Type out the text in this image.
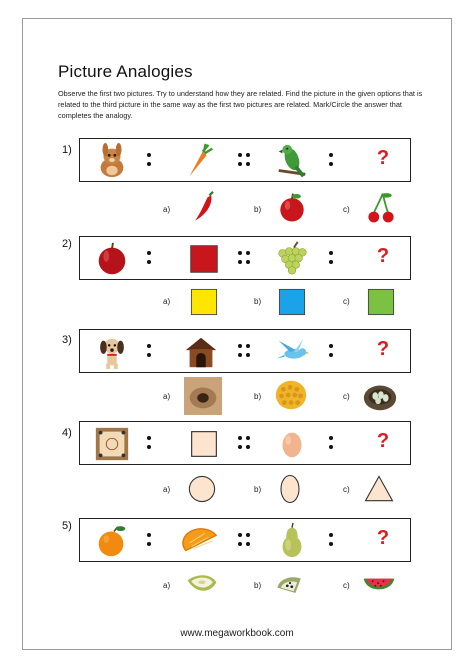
Picture Analogies
Observe the first two pictures. Try to understand how they are related. Find the picture in the given options that is related to the third picture in the same way as the first two pictures are related. Mark/Circle the answer that completes the analogy.
1)	?
a)	b)	c)
2)
?
a)	b)	c)
3)	?
a)	b)	c)
4)	?
a)	b)	c)
5)
?
a)	b)	c)
www.megaworkbook.com
